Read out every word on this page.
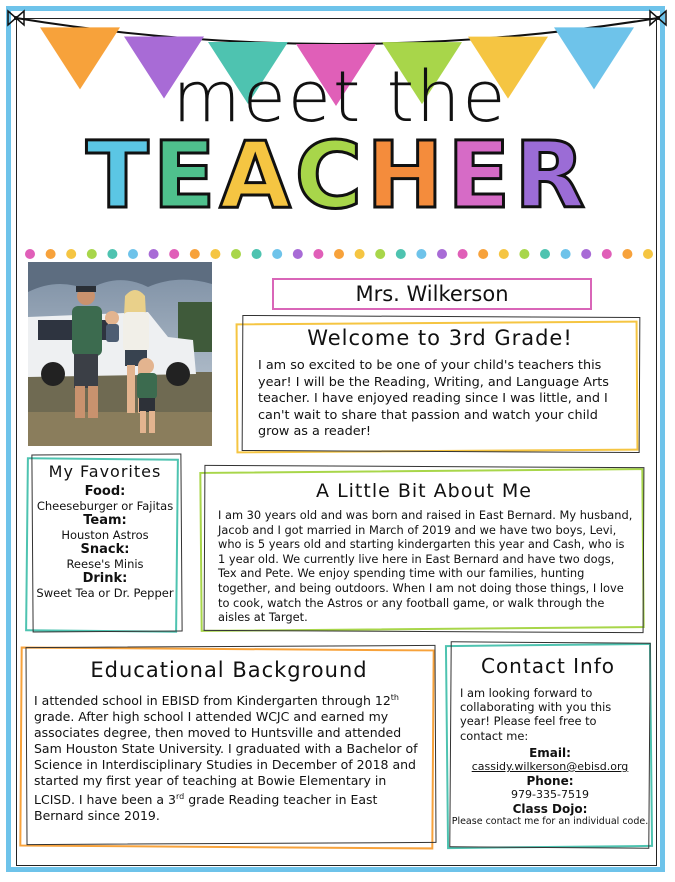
meet the
TEACHER
Mrs. Wilkerson
Welcome to 3rd Grade!
I am so excited to be one of your child's teachers this year! I will be the Reading, Writing, and Language Arts teacher. I have enjoyed reading since I was little, and I can't wait to share that passion and watch your child grow as a reader!
My Favorites
Food:
Cheeseburger or Fajitas
Team:
Houston Astros
Snack:
Reese's Minis
Drink:
Sweet Tea or Dr. Pepper
A Little Bit About Me
I am 30 years old and was born and raised in East Bernard. My husband, Jacob and I got married in March of 2019 and we have two boys, Levi, who is 5 years old and starting kindergarten this year and Cash, who is 1 year old. We currently live here in East Bernard and have two dogs, Tex and Pete. We enjoy spending time with our families, hunting together, and being outdoors. When I am not doing those things, I love to cook, watch the Astros or any football game, or walk through the aisles at Target.
Educational Background
I attended school in EBISD from Kindergarten through 12th grade. After high school I attended WCJC and earned my associates degree, then moved to Huntsville and attended Sam Houston State University. I graduated with a Bachelor of Science in Interdisciplinary Studies in December of 2018 and started my first year of teaching at Bowie Elementary in LCISD. I have been a 3rd grade Reading teacher in East Bernard since 2019.
Contact Info
I am looking forward to collaborating with you this year! Please feel free to contact me:
Email:
cassidy.wilkerson@ebisd.org
Phone:
979-335-7519
Class Dojo:
Please contact me for an individual code.
